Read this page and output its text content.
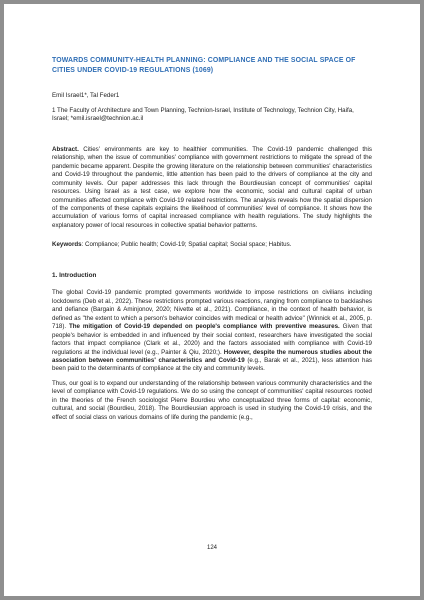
TOWARDS COMMUNITY-HEALTH PLANNING: COMPLIANCE AND THE SOCIAL SPACE OF CITIES UNDER COVID-19 REGULATIONS (1069)

Emil Israel1*, Tal Feder1
1 The Faculty of Architecture and Town Planning, Technion-Israel, Institute of Technology, Technion City, Haifa, Israel; *emil.israel@technion.ac.il
Abstract. Cities' environments are key to healthier communities. The Covid-19 pandemic challenged this relationship, when the issue of communities' compliance with government restrictions to mitigate the spread of the pandemic became apparent. Despite the growing literature on the relationship between communities' characteristics and Covid-19 throughout the pandemic, little attention has been paid to the drivers of compliance at the city and community levels. Our paper addresses this lack through the Bourdieusian concept of communities' capital resources. Using Israel as a test case, we explore how the economic, social and cultural capital of urban communities affected compliance with Covid-19 related restrictions. The analysis reveals how the spatial dispersion of the components of these capitals explains the likelihood of communities' level of compliance. It shows how the accumulation of various forms of capital increased compliance with health regulations. The study highlights the explanatory power of local resources in collective spatial behavior patterns.
Keywords: Compliance; Public health; Covid-19; Spatial capital; Social space; Habitus.
1. Introduction
The global Covid-19 pandemic prompted governments worldwide to impose restrictions on civilians including lockdowns (Deb et al., 2022). These restrictions prompted various reactions, ranging from compliance to backlashes and defiance (Bargain & Aminjonov, 2020; Nivette et al., 2021). Compliance, in the context of health behavior, is defined as "the extent to which a person's behavior coincides with medical or health advice" (Winnick et al., 2005, p. 718). The mitigation of Covid-19 depended on people's compliance with preventive measures. Given that people's behavior is embedded in and influenced by their social context, researchers have investigated the social factors that impact compliance (Clark et al., 2020) and the factors associated with compliance with Covid-19 regulations at the individual level (e.g., Painter & Qiu, 2020;). However, despite the numerous studies about the association between communities' characteristics and Covid-19 (e.g., Barak et al., 2021), less attention has been paid to the determinants of compliance at the city and community levels.
Thus, our goal is to expand our understanding of the relationship between various community characteristics and the level of compliance with Covid-19 regulations. We do so using the concept of communities' capital resources rooted in the theories of the French sociologist Pierre Bourdieu who conceptualized three forms of capital: economic, cultural, and social (Bourdieu, 2018). The Bourdieusian approach is used in studying the Covid-19 crisis, and the effect of social class on various domains of life during the pandemic (e.g.,
124
